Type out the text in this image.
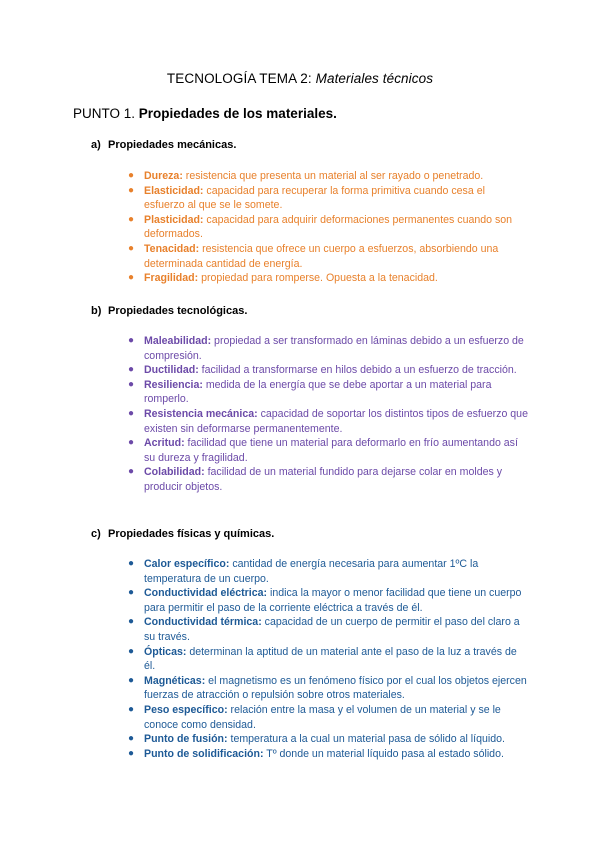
TECNOLOGÍA TEMA 2: Materiales técnicos
PUNTO 1. Propiedades de los materiales.
a) Propiedades mecánicas.
● Dureza: resistencia que presenta un material al ser rayado o penetrado.
● Elasticidad: capacidad para recuperar la forma primitiva cuando cesa el esfuerzo al que se le somete.
● Plasticidad: capacidad para adquirir deformaciones permanentes cuando son deformados.
● Tenacidad: resistencia que ofrece un cuerpo a esfuerzos, absorbiendo una determinada cantidad de energía.
● Fragilidad: propiedad para romperse. Opuesta a la tenacidad.
b) Propiedades tecnológicas.
● Maleabilidad: propiedad a ser transformado en láminas debido a un esfuerzo de compresión.
● Ductilidad: facilidad a transformarse en hilos debido a un esfuerzo de tracción.
● Resiliencia: medida de la energía que se debe aportar a un material para romperlo.
● Resistencia mecánica: capacidad de soportar los distintos tipos de esfuerzo que existen sin deformarse permanentemente.
● Acritud: facilidad que tiene un material para deformarlo en frío aumentando así su dureza y fragilidad.
● Colabilidad: facilidad de un material fundido para dejarse colar en moldes y producir objetos.
c) Propiedades físicas y químicas.
● Calor específico: cantidad de energía necesaria para aumentar 1ºC la temperatura de un cuerpo.
● Conductividad eléctrica: indica la mayor o menor facilidad que tiene un cuerpo para permitir el paso de la corriente eléctrica a través de él.
● Conductividad térmica: capacidad de un cuerpo de permitir el paso del claro a su través.
● Ópticas: determinan la aptitud de un material ante el paso de la luz a través de él.
● Magnéticas: el magnetismo es un fenómeno físico por el cual los objetos ejercen fuerzas de atracción o repulsión sobre otros materiales.
● Peso específico: relación entre la masa y el volumen de un material y se le conoce como densidad.
● Punto de fusión: temperatura a la cual un material pasa de sólido al líquido.
● Punto de solidificación: Tº donde un material líquido pasa al estado sólido.
